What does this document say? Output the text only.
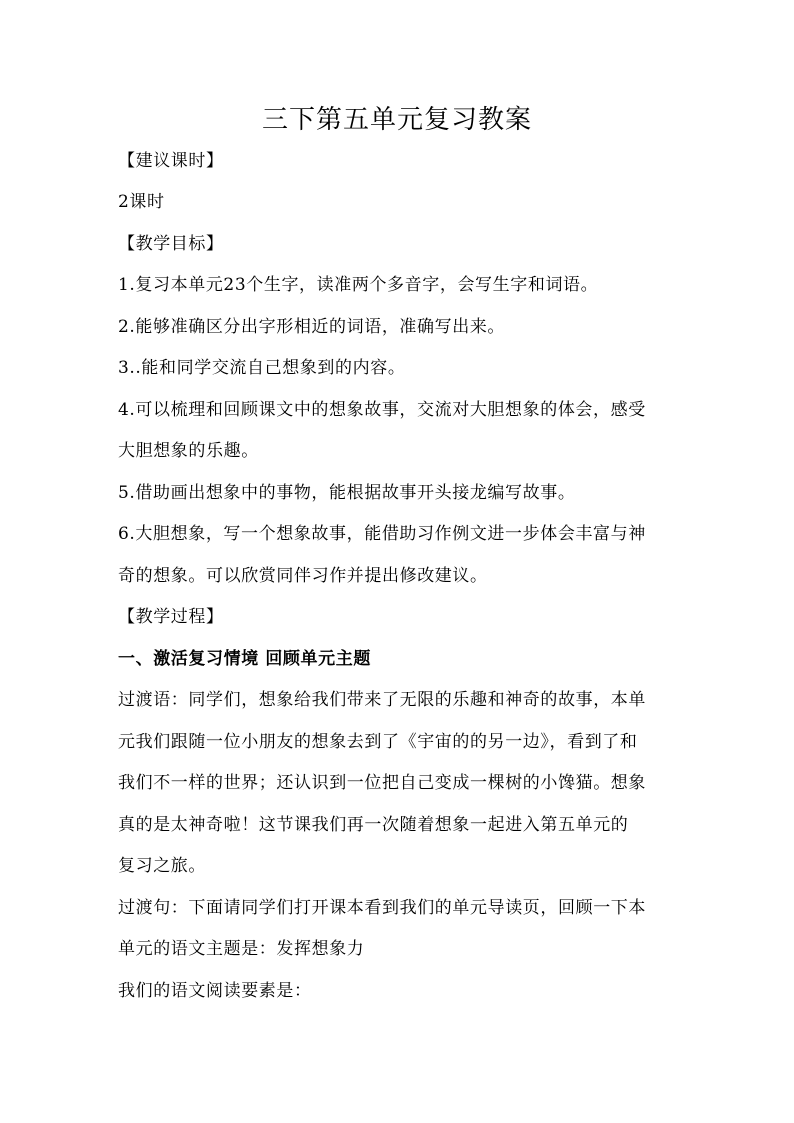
三下第五单元复习教案
【建议课时】
2课时
【教学目标】
1.复习本单元23个生字，读准两个多音字，会写生字和词语。
2.能够准确区分出字形相近的词语，准确写出来。
3..能和同学交流自己想象到的内容。
4.可以梳理和回顾课文中的想象故事，交流对大胆想象的体会，感受
大胆想象的乐趣。
5.借助画出想象中的事物，能根据故事开头接龙编写故事。
6.大胆想象，写一个想象故事，能借助习作例文进一步体会丰富与神
奇的想象。可以欣赏同伴习作并提出修改建议。
【教学过程】
一、激活复习情境 回顾单元主题
过渡语：同学们，想象给我们带来了无限的乐趣和神奇的故事，本单
元我们跟随一位小朋友的想象去到了《宇宙的的另一边》，看到了和
我们不一样的世界；还认识到一位把自己变成一棵树的小馋猫。想象
真的是太神奇啦！这节课我们再一次随着想象一起进入第五单元的
复习之旅。
过渡句：下面请同学们打开课本看到我们的单元导读页，回顾一下本
单元的语文主题是：发挥想象力
我们的语文阅读要素是：
